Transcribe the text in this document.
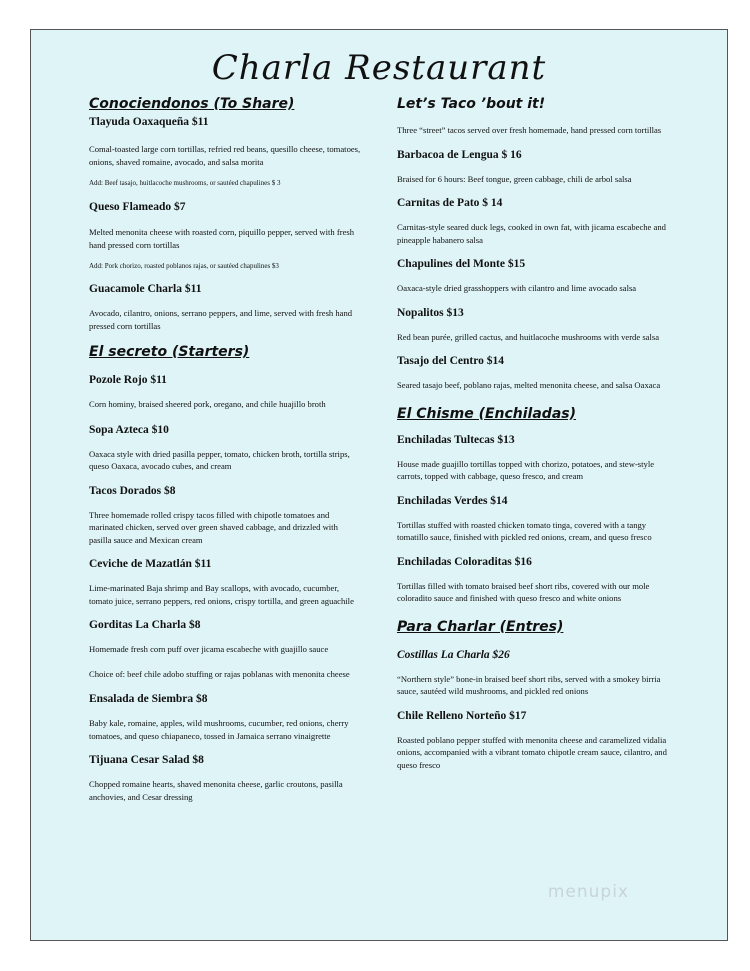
Charla Restaurant
Conociendonos (To Share)

Tlayuda Oaxaqueña $11

Comal-toasted large corn tortillas, refried red beans, quesillo cheese, tomatoes, onions, shaved romaine, avocado, and salsa morita

Add: Beef tasajo, huitlacoche mushrooms, or sautéed chapulines $ 3

Queso Flameado $7

Melted menonita cheese with roasted corn, piquillo pepper, served with fresh hand pressed corn tortillas

Add: Pork chorizo, roasted poblanos rajas, or sautéed chapulines $3

Guacamole Charla $11

Avocado, cilantro, onions, serrano peppers, and lime, served with fresh hand pressed corn tortillas

El secreto (Starters)

Pozole Rojo $11

Corn hominy, braised sheered pork, oregano, and chile huajillo broth

Sopa Azteca $10

Oaxaca style with dried pasilla pepper, tomato, chicken broth, tortilla strips, queso Oaxaca, avocado cubes, and cream

Tacos Dorados $8

Three homemade rolled crispy tacos filled with chipotle tomatoes and marinated chicken, served over green shaved cabbage, and drizzled with pasilla sauce and Mexican cream

Ceviche de Mazatlán $11

Lime-marinated Baja shrimp and Bay scallops, with avocado, cucumber, tomato juice, serrano peppers, red onions, crispy tortilla, and green aguachile

Gorditas La Charla $8

Homemade fresh corn puff over jicama escabeche with guajillo sauce

Choice of: beef chile adobo stuffing or rajas poblanas with menonita cheese

Ensalada de Siembra $8

Baby kale, romaine, apples, wild mushrooms, cucumber, red onions, cherry tomatoes, and queso chiapaneco, tossed in Jamaica serrano vinaigrette

Tijuana Cesar Salad $8

Chopped romaine hearts, shaved menonita cheese, garlic croutons, pasilla anchovies, and Cesar dressing

Let’s Taco ’bout it!

Three “street” tacos served over fresh homemade, hand pressed corn tortillas

Barbacoa de Lengua $ 16

Braised for 6 hours: Beef tongue, green cabbage, chili de arbol salsa

Carnitas de Pato $ 14

Carnitas-style seared duck legs, cooked in own fat, with jicama escabeche and pineapple habanero salsa

Chapulines del Monte $15

Oaxaca-style dried grasshoppers with cilantro and lime avocado salsa

Nopalitos $13

Red bean purée, grilled cactus, and huitlacoche mushrooms with verde salsa

Tasajo del Centro $14

Seared tasajo beef, poblano rajas, melted menonita cheese, and salsa Oaxaca

El Chisme (Enchiladas)

Enchiladas Tultecas $13

House made guajillo tortillas topped with chorizo, potatoes, and stew-style carrots, topped with cabbage, queso fresco, and cream

Enchiladas Verdes $14

Tortillas stuffed with roasted chicken tomato tinga, covered with a tangy tomatillo sauce, finished with pickled red onions, cream, and queso fresco

Enchiladas Coloraditas $16

Tortillas filled with tomato braised beef short ribs, covered with our mole coloradito sauce and finished with queso fresco and white onions

Para Charlar (Entres)

Costillas La Charla $26

“Northern style” bone-in braised beef short ribs, served with a smokey birria sauce, sautéed wild mushrooms, and pickled red onions

Chile Relleno Norteño $17

Roasted poblano pepper stuffed with menonita cheese and caramelized vidalia onions, accompanied with a vibrant tomato chipotle cream sauce, cilantro, and queso fresco

menupix
